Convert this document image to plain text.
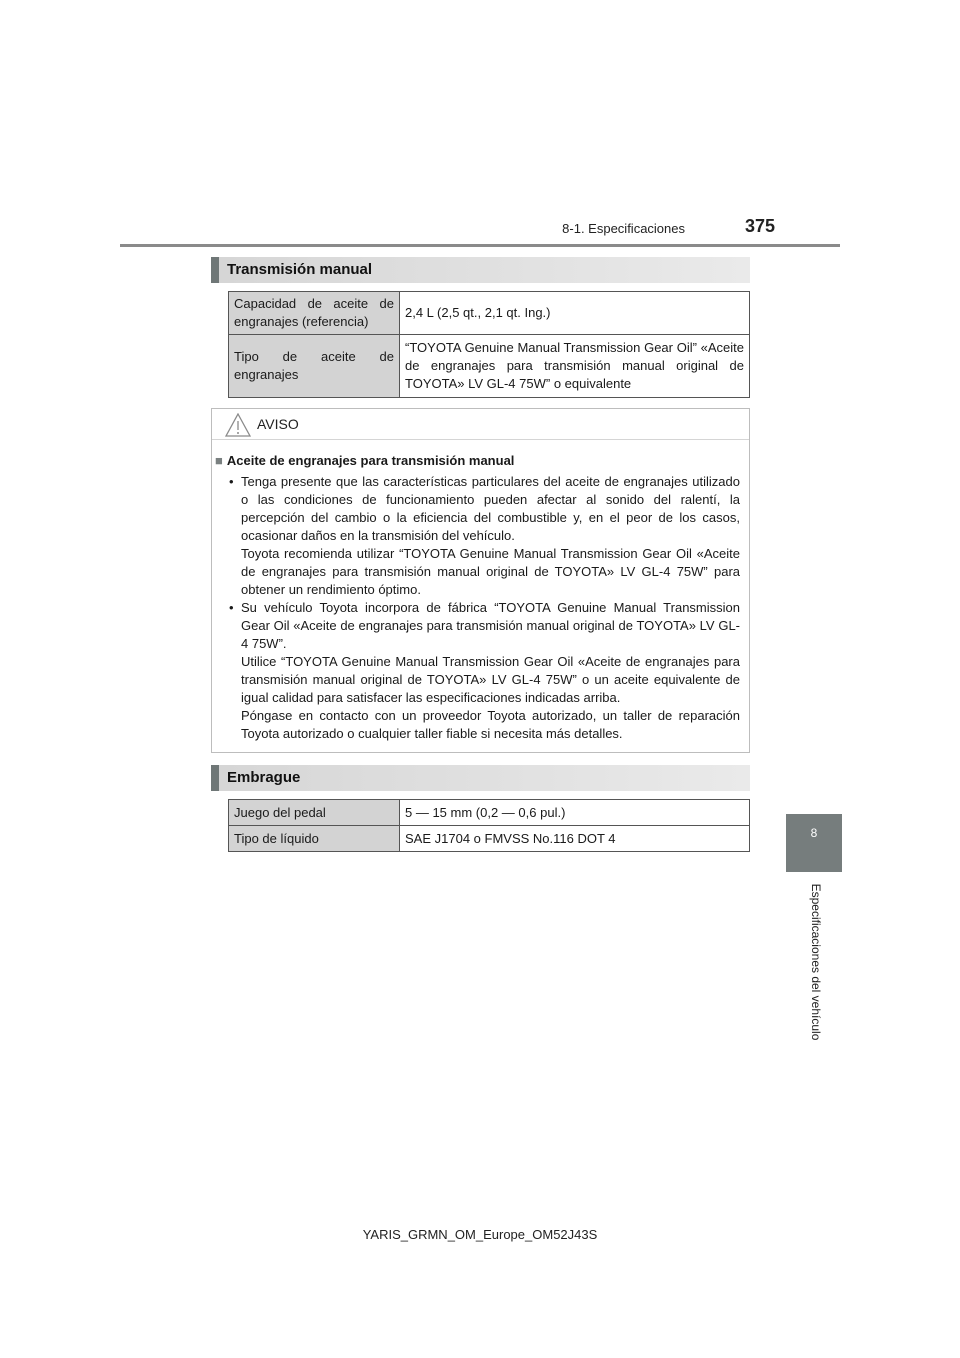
8-1. Especificaciones	375
8
Especificaciones del vehículo
Transmisión manual
Capacidad de aceite de engranajes (referencia)	2,4 L (2,5 qt., 2,1 qt. Ing.)
Tipo de aceite de engranajes	“TOYOTA Genuine Manual Transmission Gear Oil” «Aceite de engranajes para transmisión manual original de TOYOTA» LV GL-4 75W” o equivalente
AVISO
■ Aceite de engranajes para transmisión manual

• Tenga presente que las características particulares del aceite de engranajes utilizado o las condiciones de funcionamiento pueden afectar al sonido del ralentí, la percepción del cambio o la eficiencia del combustible y, en el peor de los casos, ocasionar daños en la transmisión del vehículo.

Toyota recomienda utilizar “TOYOTA Genuine Manual Transmission Gear Oil «Aceite de engranajes para transmisión manual original de TOYOTA» LV GL-4 75W” para obtener un rendimiento óptimo.

• Su vehículo Toyota incorpora de fábrica “TOYOTA Genuine Manual Transmission Gear Oil «Aceite de engranajes para transmisión manual original de TOYOTA» LV GL-4 75W”.

Utilice “TOYOTA Genuine Manual Transmission Gear Oil «Aceite de engranajes para transmisión manual original de TOYOTA» LV GL-4 75W” o un aceite equivalente de igual calidad para satisfacer las especificaciones indicadas arriba.

Póngase en contacto con un proveedor Toyota autorizado, un taller de reparación Toyota autorizado o cualquier taller fiable si necesita más detalles.

Embrague
Juego del pedal	5 — 15 mm (0,2 — 0,6 pul.)
Tipo de líquido	SAE J1704 o FMVSS No.116 DOT 4
YARIS_GRMN_OM_Europe_OM52J43S
